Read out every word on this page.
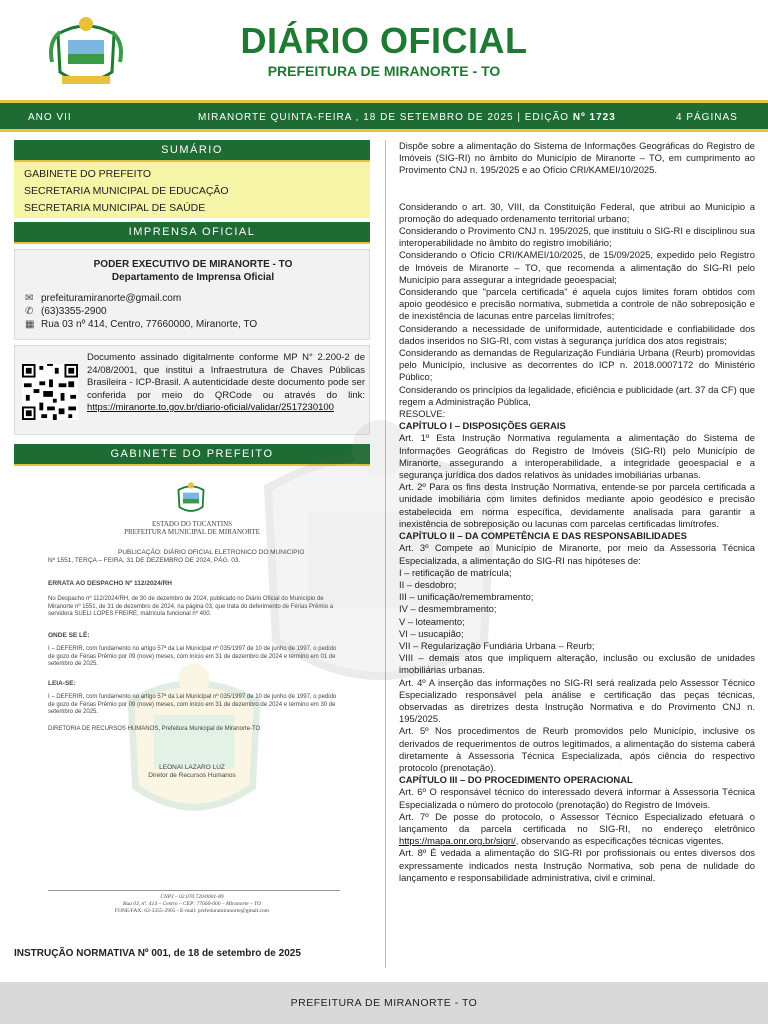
DIÁRIO OFICIAL
PREFEITURA DE MIRANORTE - TO
ANO VII	MIRANORTE QUINTA-FEIRA , 18 DE SETEMBRO DE 2025 | EDIÇÃO Nº 1723	4 PÁGINAS
SUMÁRIO
GABINETE DO PREFEITO
SECRETARIA MUNICIPAL DE EDUCAÇÃO
SECRETARIA MUNICIPAL DE SAÚDE
IMPRENSA OFICIAL
PODER EXECUTIVO DE MIRANORTE - TO
Departamento de Imprensa Oficial
✉ prefeituramiranorte@gmail.com
✆ (63)3355-2900
▦ Rua 03 nº 414, Centro, 77660000, Miranorte, TO
Documento assinado digitalmente conforme MP N° 2.200-2 de 24/08/2001, que institui a Infraestrutura de Chaves Públicas Brasileira - ICP-Brasil. A autenticidade deste documento pode ser conferida por meio do QRCode ou através do link: https://miranorte.to.gov.br/diario-oficial/validar/2517230100
GABINETE DO PREFEITO
ESTADO DO TOCANTINS
PREFEITURA MUNICIPAL DE MIRANORTE
PUBLICAÇÃO: DIÁRIO OFICIAL ELETRONICO DO MUNICIPIO
Nº 1551, TERÇA – FEIRA, 31 DE DEZEMBRO DE 2024, PÁG. 03.
ERRATA AO DESPACHO Nº 112/2024/RH
No Despacho nº 112/2024/RH, de 30 de dezembro de 2024, publicado no Diário Oficial do Município de Miranorte nº 1551, de 31 de dezembro de 2024, na página 03, que trata do deferimento de Férias Prêmio a servidora SUELI LOPES FREIRE, matrícula funcional nº 400.
ONDE SE LÊ:
I – DEFERIR, com fundamento no artigo 57ª da Lei Municipal nº 035/1997 de 10 de junho de 1997, o pedido de gozo de Férias Prêmio por 09 (nove) meses, com início em 31 de dezembro de 2024 e término em 01 de setembro de 2025.
LEIA-SE:
I – DEFERIR, com fundamento no artigo 57ª da Lei Municipal nº 035/1997 de 10 de junho de 1997, o pedido de gozo de Férias Prêmio por 09 (nove) meses, com início em 31 de dezembro de 2024 e término em 30 de setembro de 2025.
DIRETORIA DE RECURSOS HUMANOS, Prefeitura Municipal de Miranorte-TO
LEONAI LAZARO LUZ
Diretor de Recursos Humanos
CNPJ – 02.070.720/0001-89
Rua 03, nº. 414 – Centro – CEP: 77660-000 – Miranorte – TO
FONE/FAX: 63-3355-2905 - E-mail: prefeituramiranorte@gmail.com
INSTRUÇÃO NORMATIVA Nº 001, de 18 de setembro de 2025

Dispõe sobre a alimentação do Sistema de Informações Geográficas do Registro de Imóveis (SIG-RI) no âmbito do Município de Miranorte – TO, em cumprimento ao Provimento CNJ n. 195/2025 e ao Ofício CRI/KAMEI/10/2025.

Considerando o art. 30, VIII, da Constituição Federal, que atribui ao Município a promoção do adequado ordenamento territorial urbano;

Considerando o Provimento CNJ n. 195/2025, que instituiu o SIG-RI e disciplinou sua interoperabilidade no âmbito do registro imobiliário;

Considerando o Ofício CRI/KAMEI/10/2025, de 15/09/2025, expedido pelo Registro de Imóveis de Miranorte – TO, que recomenda a alimentação do SIG-RI pelo Município para assegurar a integridade geoespacial;

Considerando que "parcela certificada" é aquela cujos limites foram obtidos com apoio geodésico e precisão normativa, submetida a controle de não sobreposição e de inexistência de lacunas entre parcelas limítrofes;

Considerando a necessidade de uniformidade, autenticidade e confiabilidade dos dados inseridos no SIG-RI, com vistas à segurança jurídica dos atos registrais;

Considerando as demandas de Regularização Fundiária Urbana (Reurb) promovidas pelo Município, inclusive as decorrentes do ICP n. 2018.0007172 do Ministério Público;

Considerando os princípios da legalidade, eficiência e publicidade (art. 37 da CF) que regem a Administração Pública,

RESOLVE:

CAPÍTULO I – DISPOSIÇÕES GERAIS

Art. 1º Esta Instrução Normativa regulamenta a alimentação do Sistema de Informações Geográficas do Registro de Imóveis (SIG-RI) pelo Município de Miranorte, assegurando a interoperabilidade, a integridade geoespacial e a segurança jurídica dos dados relativos às unidades imobiliárias urbanas.

Art. 2º Para os fins desta Instrução Normativa, entende-se por parcela certificada a unidade imobiliária com limites definidos mediante apoio geodésico e precisão estabelecida em norma específica, devidamente analisada para garantir a inexistência de sobreposição ou lacunas com parcelas certificadas limítrofes.

CAPÍTULO II – DA COMPETÊNCIA E DAS RESPONSABILIDADES

Art. 3º Compete ao Município de Miranorte, por meio da Assessoria Técnica Especializada, a alimentação do SIG-RI nas hipóteses de:

I – retificação de matrícula;

II – desdobro;

III – unificação/remembramento;

IV – desmembramento;

V – loteamento;

VI – usucapião;

VII – Regularização Fundiária Urbana – Reurb;

VIII – demais atos que impliquem alteração, inclusão ou exclusão de unidades imobiliárias urbanas.

Art. 4º A inserção das informações no SIG-RI será realizada pelo Assessor Técnico Especializado responsável pela análise e certificação das peças técnicas, observadas as diretrizes desta Instrução Normativa e do Provimento CNJ n. 195/2025.

Art. 5º Nos procedimentos de Reurb promovidos pelo Município, inclusive os derivados de requerimentos de outros legitimados, a alimentação do sistema caberá diretamente à Assessoria Técnica Especializada, após ciência do respectivo protocolo (prenotação).

CAPÍTULO III – DO PROCEDIMENTO OPERACIONAL

Art. 6º O responsável técnico do interessado deverá informar à Assessoria Técnica Especializada o número do protocolo (prenotação) do Registro de Imóveis.

Art. 7º De posse do protocolo, o Assessor Técnico Especializado efetuará o lançamento da parcela certificada no SIG-RI, no endereço eletrônico https://mapa.onr.org.br/sigri/, observando as especificações técnicas vigentes.

Art. 8º É vedada a alimentação do SIG-RI por profissionais ou entes diversos dos expressamente indicados nesta Instrução Normativa, sob pena de nulidade do lançamento e responsabilidade administrativa, civil e criminal.

PREFEITURA DE MIRANORTE - TO
